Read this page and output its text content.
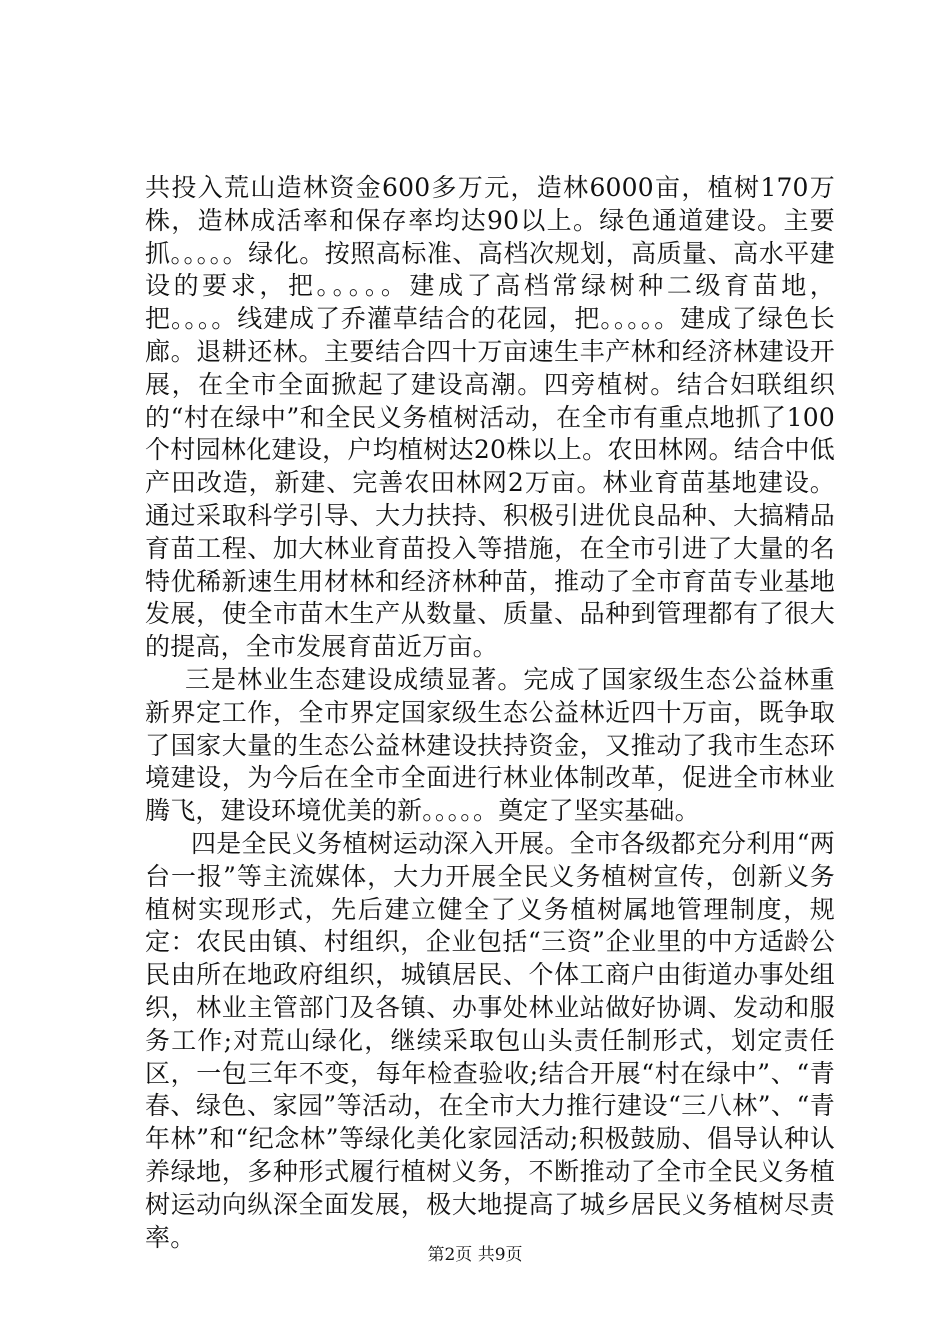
共投入荒山造林资金600多万元，造林6000亩，植树170万株，造林成活率和保存率均达90以上。绿色通道建设。主要抓。。。。。绿化。按照高标准、高档次规划，高质量、高水平建设的要求，把。。。。。建成了高档常绿树种二级育苗地，把。。。。线建成了乔灌草结合的花园，把。。。。。建成了绿色长廊。退耕还林。主要结合四十万亩速生丰产林和经济林建设开展，在全市全面掀起了建设高潮。四旁植树。结合妇联组织的“村在绿中”和全民义务植树活动，在全市有重点地抓了100个村园林化建设，户均植树达20株以上。农田林网。结合中低产田改造，新建、完善农田林网2万亩。林业育苗基地建设。通过采取科学引导、大力扶持、积极引进优良品种、大搞精品育苗工程、加大林业育苗投入等措施，在全市引进了大量的名特优稀新速生用材林和经济林种苗，推动了全市育苗专业基地发展，使全市苗木生产从数量、质量、品种到管理都有了很大的提高，全市发展育苗近万亩。

三是林业生态建设成绩显著。完成了国家级生态公益林重新界定工作，全市界定国家级生态公益林近四十万亩，既争取了国家大量的生态公益林建设扶持资金，又推动了我市生态环境建设，为今后在全市全面进行林业体制改革，促进全市林业腾飞，建设环境优美的新。。。。。奠定了坚实基础。

四是全民义务植树运动深入开展。全市各级都充分利用“两台一报”等主流媒体，大力开展全民义务植树宣传，创新义务植树实现形式，先后建立健全了义务植树属地管理制度，规定：农民由镇、村组织，企业包括“三资”企业里的中方适龄公民由所在地政府组织，城镇居民、个体工商户由街道办事处组织，林业主管部门及各镇、办事处林业站做好协调、发动和服务工作;对荒山绿化，继续采取包山头责任制形式，划定责任区，一包三年不变，每年检查验收;结合开展“村在绿中”、“青春、绿色、家园”等活动，在全市大力推行建设“三八林”、“青年林”和“纪念林”等绿化美化家园活动;积极鼓励、倡导认种认养绿地，多种形式履行植树义务，不断推动了全市全民义务植树运动向纵深全面发展，极大地提高了城乡居民义务植树尽责率。

第2页 共9页
